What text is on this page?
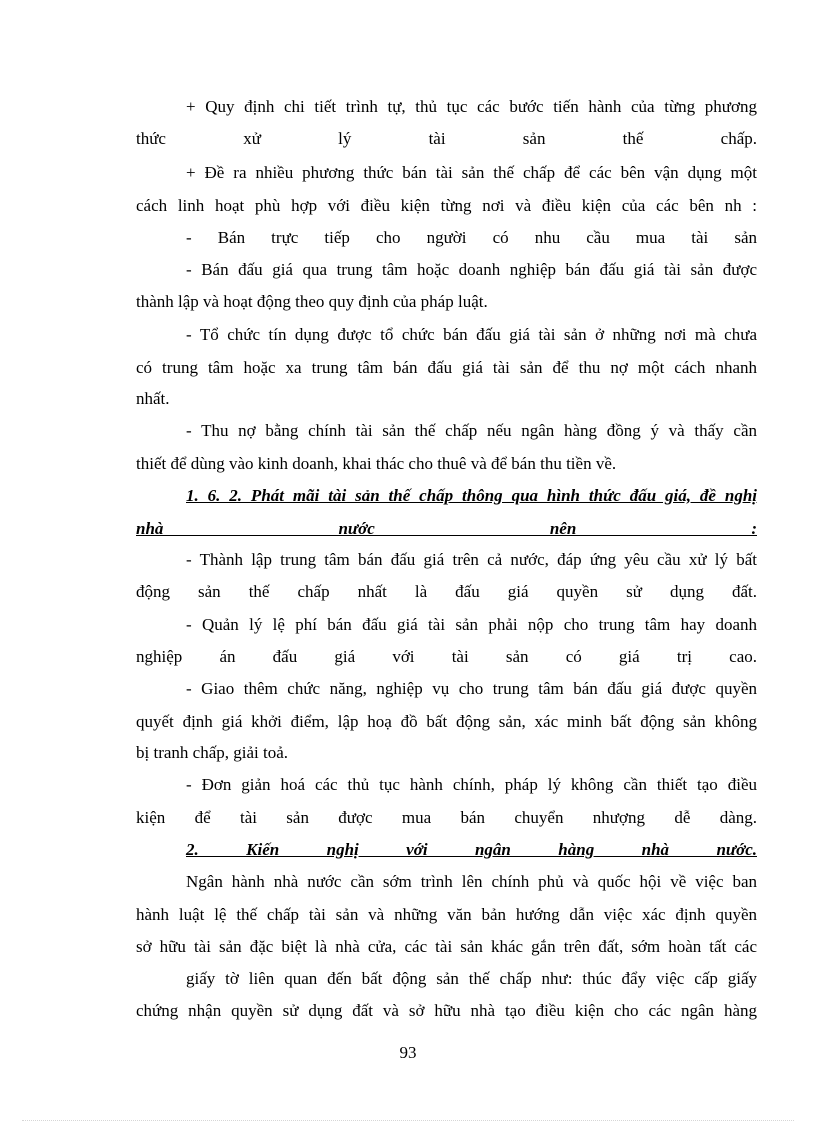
+ Quy định chi tiết trình tự, thủ tục các bước tiến hành của từng phương
thức xử lý tài sản thế chấp.
+ Đề ra nhiều phương thức bán tài sản thế chấp để các bên vận dụng một
cách linh hoạt phù hợp với điều kiện từng nơi và điều kiện của các bên nh :
- Bán trực tiếp cho người có nhu cầu mua tài sản
- Bán đấu giá qua trung tâm hoặc doanh nghiệp bán đấu giá tài sản được
thành lập và hoạt động theo quy định của pháp luật.
- Tổ chức tín dụng được tổ chức bán đấu giá tài sản ở những nơi mà chưa
có trung tâm hoặc xa trung tâm bán đấu giá tài sản để thu nợ một cách nhanh
nhất.
- Thu nợ bằng chính tài sản thế chấp nếu ngân hàng đồng ý và thấy cần
thiết để dùng vào kinh doanh, khai thác cho thuê và để bán thu tiền về.
1. 6. 2. Phát mãi tài sản thế chấp thông qua hình thức đấu giá, đề nghị
nhà nước nên :
- Thành lập trung tâm bán đấu giá trên cả nước, đáp ứng yêu cầu xử lý bất
động sản thế chấp nhất là đấu giá quyền sử dụng đất.
- Quản lý lệ phí bán đấu giá tài sản phải nộp cho trung tâm hay doanh
nghiệp án đấu giá với tài sản có giá trị cao.
- Giao thêm chức năng, nghiệp vụ cho trung tâm bán đấu giá được quyền
quyết định giá khởi điểm, lập hoạ đồ bất động sản, xác minh bất động sản không
bị tranh chấp, giải toả.
- Đơn giản hoá các thủ tục hành chính, pháp lý không cần thiết tạo điều
kiện để tài sản được mua bán chuyển nhượng dễ dàng.
2. Kiến nghị với ngân hàng nhà nước.
Ngân hành nhà nước cần sớm trình lên chính phủ và quốc hội về việc ban
hành luật lệ thế chấp tài sản và những văn bản hướng dẫn việc xác định quyền
sở hữu tài sản đặc biệt là nhà cửa, các tài sản khác gắn trên đất, sớm hoàn tất các
giấy tờ liên quan đến bất động sản thế chấp như: thúc đẩy việc cấp giấy
chứng nhận quyền sử dụng đất và sở hữu nhà tạo điều kiện cho các ngân hàng
93
